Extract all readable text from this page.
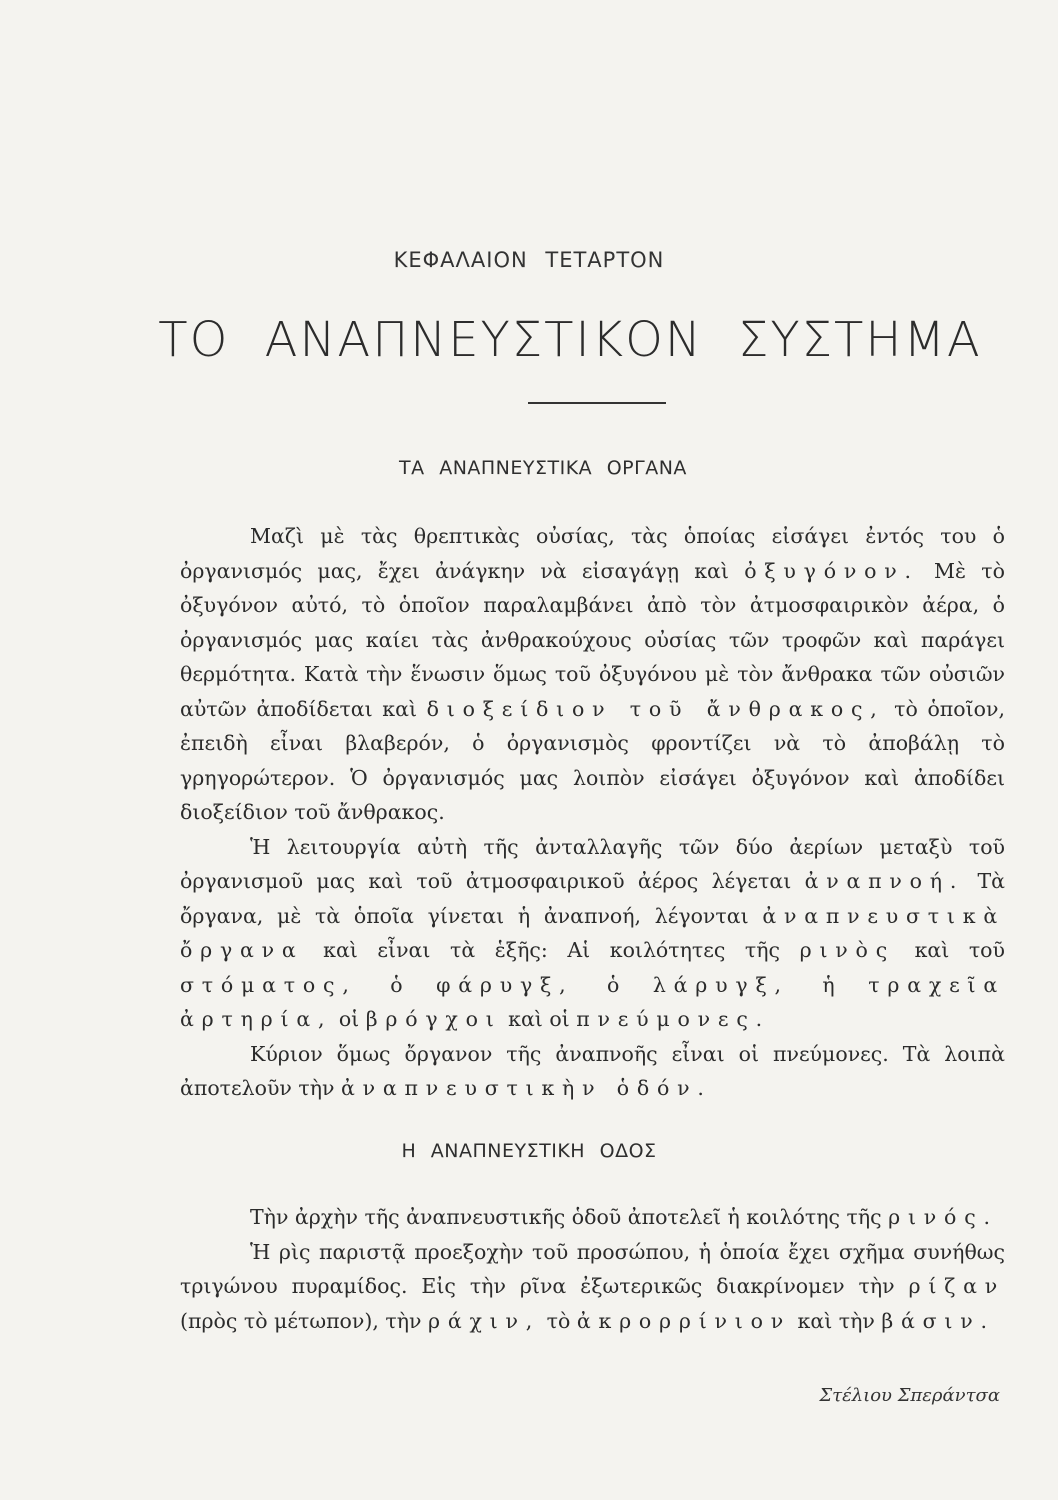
ΚΕΦΑΛΑΙΟΝ ΤΕΤΑΡΤΟΝ
ΤΟ ΑΝΑΠΝΕΥΣΤΙΚΟΝ ΣΥΣΤΗΜΑ
ΤΑ ΑΝΑΠΝΕΥΣΤΙΚΑ ΟΡΓΑΝΑ

Μαζὶ μὲ τὰς θρεπτικὰς οὐσίας, τὰς ὁποίας εἰσάγει ἐντός του ὁ ὀργανισμός μας, ἔχει ἀνάγκην νὰ εἰσαγάγῃ καὶ ὀξυγόνον. Μὲ τὸ ὀξυγόνον αὐτό, τὸ ὁποῖον παραλαμβάνει ἀπὸ τὸν ἀτμοσφαιρικὸν ἀέρα, ὁ ὀργανισμός μας καίει τὰς ἀνθρακούχους οὐσίας τῶν τροφῶν καὶ παράγει θερμότητα. Κατὰ τὴν ἕνωσιν ὅμως τοῦ ὀξυγόνου μὲ τὸν ἄνθρακα τῶν οὐσιῶν αὐτῶν ἀποδίδεται καὶ διοξείδιον τοῦ ἄνθρακος, τὸ ὁποῖον, ἐπειδὴ εἶναι βλαβερόν, ὁ ὀργανισμὸς φροντίζει νὰ τὸ ἀποβάλῃ τὸ γρηγορώτερον. Ὁ ὀργανισμός μας λοιπὸν εἰσάγει ὀξυγόνον καὶ ἀποδίδει διοξείδιον τοῦ ἄνθρακος.

Ἡ λειτουργία αὐτὴ τῆς ἀνταλλαγῆς τῶν δύο ἀερίων μεταξὺ τοῦ ὀργανισμοῦ μας καὶ τοῦ ἀτμοσφαιρικοῦ ἀέρος λέγεται ἀναπνοή. Τὰ ὄργανα, μὲ τὰ ὁποῖα γίνεται ἡ ἀναπνοή, λέγονται ἀναπνευστικὰ ὄργανα καὶ εἶναι τὰ ἑξῆς: Αἱ κοιλότητες τῆς ρινὸς καὶ τοῦ στόματος, ὁ φάρυγξ, ὁ λάρυγξ, ἡ τραχεῖα ἀρτηρία, οἱ βρόγχοι καὶ οἱ πνεύμονες.

Κύριον ὅμως ὄργανον τῆς ἀναπνοῆς εἶναι οἱ πνεύμονες. Τὰ λοιπὰ ἀποτελοῦν τὴν ἀναπνευστικὴν ὁδόν.

Η ΑΝΑΠΝΕΥΣΤΙΚΗ ΟΔΟΣ

Τὴν ἀρχὴν τῆς ἀναπνευστικῆς ὁδοῦ ἀποτελεῖ ἡ κοιλότης τῆς ρινός.

Ἡ ρὶς παριστᾷ προεξοχὴν τοῦ προσώπου, ἡ ὁποία ἔχει σχῆμα συνήθως τριγώνου πυραμίδος. Εἰς τὴν ρῖνα ἐξωτερικῶς διακρίνομεν τὴν ρίζαν (πρὸς τὸ μέτωπον), τὴν ράχιν, τὸ ἀκρορρίνιον καὶ τὴν βάσιν.

Στέλιου Σπεράντσα
